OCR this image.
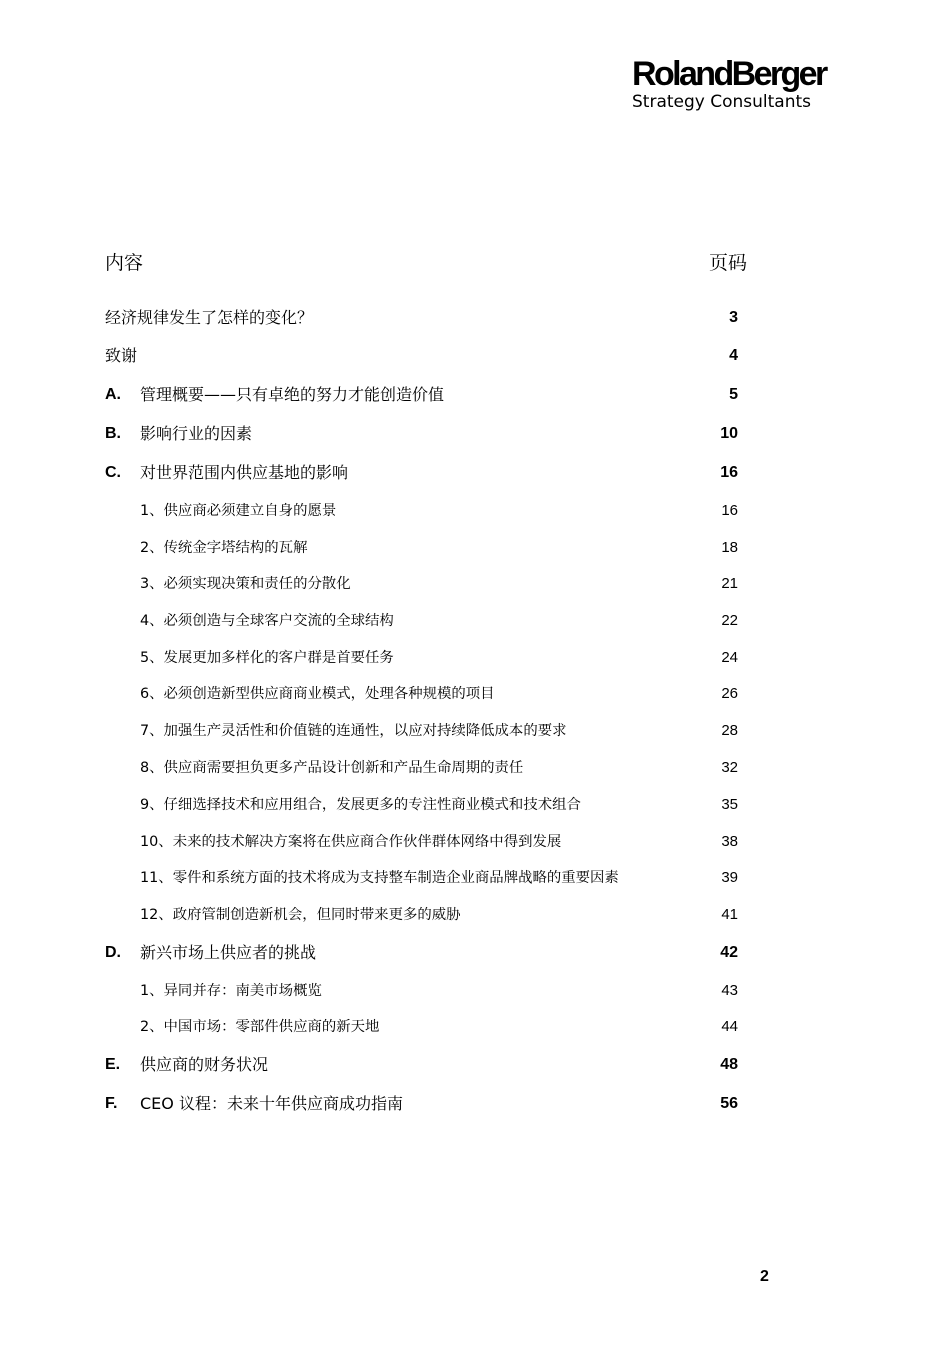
RolandBerger
Strategy Consultants
内容	页码
经济规律发生了怎样的变化？	3
致谢	4
A. 管理概要——只有卓绝的努力才能创造价值	5
B. 影响行业的因素	10
C. 对世界范围内供应基地的影响	16
1、供应商必须建立自身的愿景	16
2、传统金字塔结构的瓦解	18
3、必须实现决策和责任的分散化	21
4、必须创造与全球客户交流的全球结构	22
5、发展更加多样化的客户群是首要任务	24
6、必须创造新型供应商商业模式，处理各种规模的项目	26
7、加强生产灵活性和价值链的连通性，以应对持续降低成本的要求	28
8、供应商需要担负更多产品设计创新和产品生命周期的责任	32
9、仔细选择技术和应用组合，发展更多的专注性商业模式和技术组合	35
10、未来的技术解决方案将在供应商合作伙伴群体网络中得到发展	38
11、零件和系统方面的技术将成为支持整车制造企业商品牌战略的重要因素	39
12、政府管制创造新机会，但同时带来更多的威胁	41
D. 新兴市场上供应者的挑战	42
1、异同并存：南美市场概览	43
2、中国市场：零部件供应商的新天地	44
E. 供应商的财务状况	48
F. CEO 议程：未来十年供应商成功指南	56
2
